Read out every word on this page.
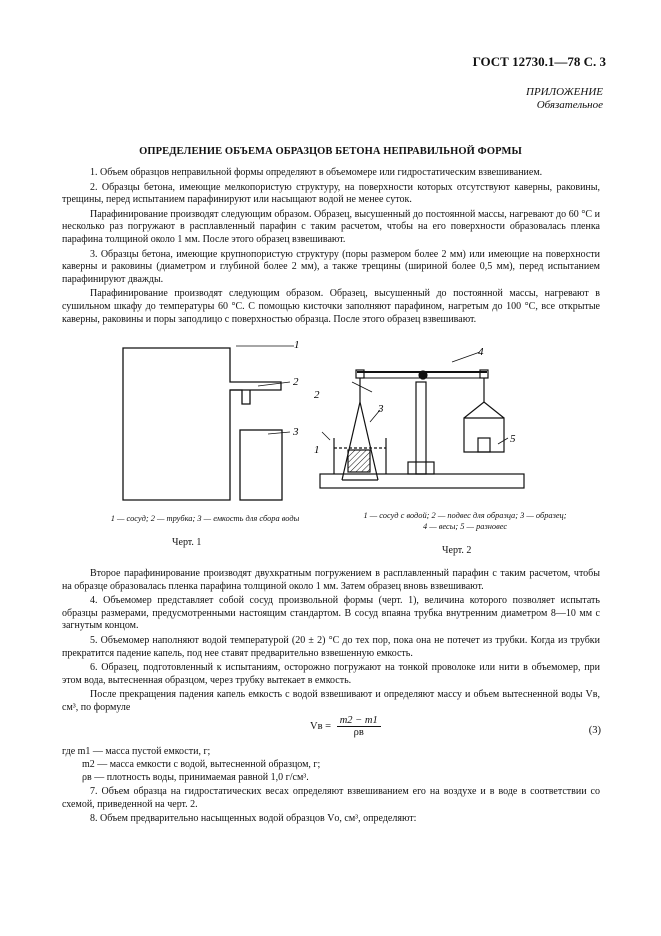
ГОСТ 12730.1—78 С. 3
ПРИЛОЖЕНИЕ
Обязательное
ОПРЕДЕЛЕНИЕ ОБЪЕМА ОБРАЗЦОВ БЕТОНА НЕПРАВИЛЬНОЙ ФОРМЫ

1. Объем образцов неправильной формы определяют в объемомере или гидростатическим взвешиванием.

2. Образцы бетона, имеющие мелкопористую структуру, на поверхности которых отсутствуют каверны, раковины, трещины, перед испытанием парафинируют или насыщают водой не менее суток.

Парафинирование производят следующим образом. Образец, высушенный до постоянной массы, нагревают до 60 °С и несколько раз погружают в расплавленный парафин с таким расчетом, чтобы на его поверхности образовалась пленка парафина толщиной около 1 мм. После этого образец взвешивают.

3. Образцы бетона, имеющие крупнопористую структуру (поры размером более 2 мм) или имеющие на поверхности каверны и раковины (диаметром и глубиной более 2 мм), а также трещины (шириной более 0,5 мм), перед испытанием парафинируют дважды.

Парафинирование производят следующим образом. Образец, высушенный до постоянной массы, нагревают в сушильном шкафу до температуры 60 °С. С помощью кисточки заполняют парафином, нагретым до 100 °С, все открытые каверны, раковины и поры заподлицо с поверхностью образца. После этого образец взвешивают.

1
2
3
1 — сосуд; 2 — трубка; 3 — емкость для сбора воды
Черт. 1
1
2
3
4
5
1 — сосуд с водой; 2 — подвес для образца; 3 — образец;
4 — весы; 5 — разновес
Черт. 2

Второе парафинирование производят двухкратным погружением в расплавленный парафин с таким расчетом, чтобы на образце образовалась пленка парафина толщиной около 1 мм. Затем образец вновь взвешивают.

4. Объемомер представляет собой сосуд произвольной формы (черт. 1), величина которого позволяет испытать образцы размерами, предусмотренными настоящим стандартом. В сосуд впаяна трубка внутренним диаметром 8—10 мм с загнутым концом.

5. Объемомер наполняют водой температурой (20 ± 2) °С до тех пор, пока она не потечет из трубки. Когда из трубки прекратится падение капель, под нее ставят предварительно взвешенную емкость.

6. Образец, подготовленный к испытаниям, осторожно погружают на тонкой проволоке или нити в объемомер, при этом вода, вытесненная образцом, через трубку вытекает в емкость.

После прекращения падения капель емкость с водой взвешивают и определяют массу и объем вытесненной воды Vв, см³, по формуле

Vв = $\frac{m2 - m1}{\rho в}$	(3)
где m1 — масса пустой емкости, г;
m2 — масса емкости с водой, вытесненной образцом, г;
ρв — плотность воды, принимаемая равной 1,0 г/см³.

7. Объем образца на гидростатических весах определяют взвешиванием его на воздухе и в воде в соответствии со схемой, приведенной на черт. 2.

8. Объем предварительно насыщенных водой образцов Vо, см³, определяют:
